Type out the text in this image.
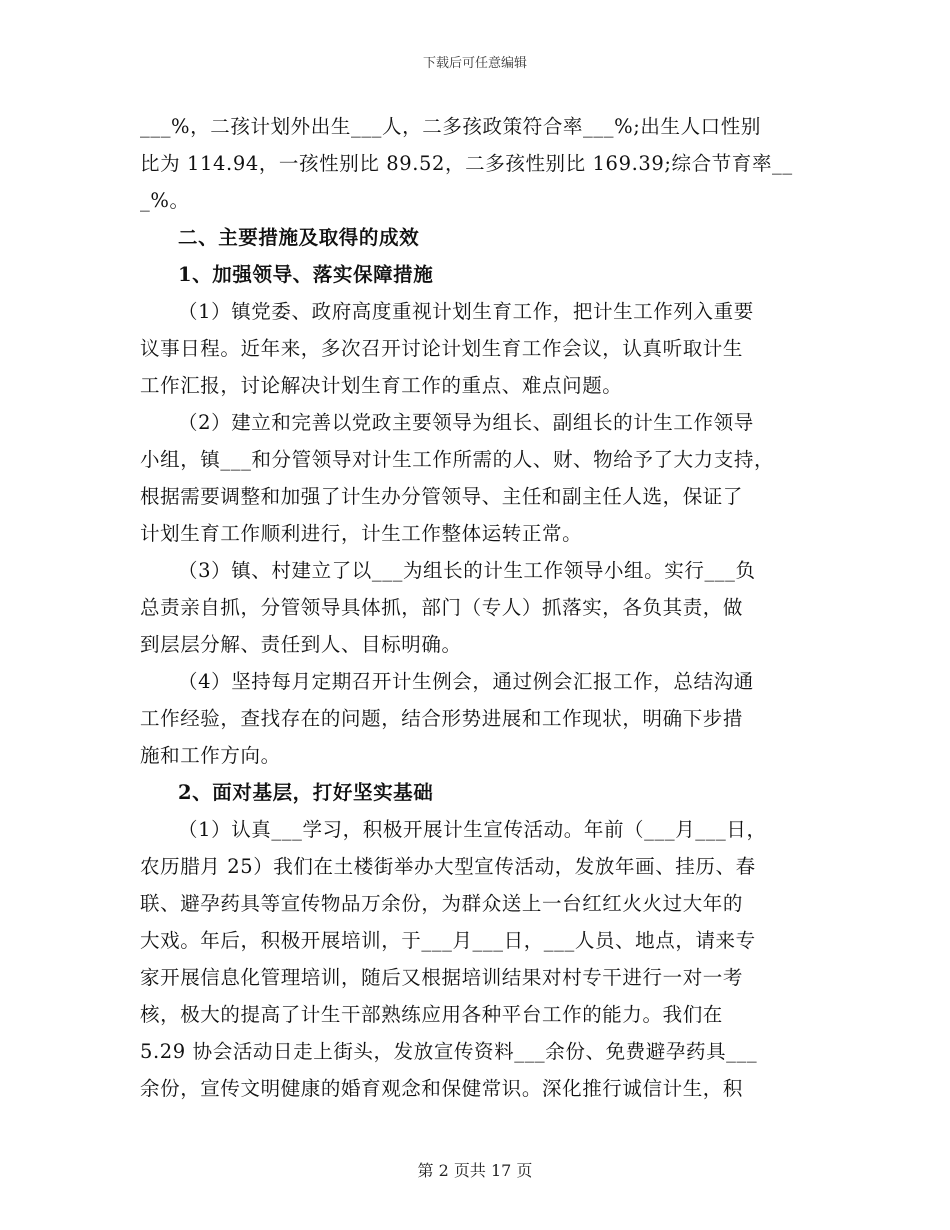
下载后可任意编辑
___%，二孩计划外出生___人，二多孩政策符合率___%;出生人口性别
比为 114.94，一孩性别比 89.52，二多孩性别比 169.39;综合节育率__
_%。
二、主要措施及取得的成效
1、加强领导、落实保障措施
（1）镇党委、政府高度重视计划生育工作，把计生工作列入重要
议事日程。近年来，多次召开讨论计划生育工作会议，认真听取计生
工作汇报，讨论解决计划生育工作的重点、难点问题。
（2）建立和完善以党政主要领导为组长、副组长的计生工作领导
小组，镇___和分管领导对计生工作所需的人、财、物给予了大力支持，
根据需要调整和加强了计生办分管领导、主任和副主任人选，保证了
计划生育工作顺利进行，计生工作整体运转正常。
（3）镇、村建立了以___为组长的计生工作领导小组。实行___负
总责亲自抓，分管领导具体抓，部门（专人）抓落实，各负其责，做
到层层分解、责任到人、目标明确。
（4）坚持每月定期召开计生例会，通过例会汇报工作，总结沟通
工作经验，查找存在的问题，结合形势进展和工作现状，明确下步措
施和工作方向。
2、面对基层，打好坚实基础
（1）认真___学习，积极开展计生宣传活动。年前（___月___日，
农历腊月 25）我们在土楼街举办大型宣传活动，发放年画、挂历、春
联、避孕药具等宣传物品万余份，为群众送上一台红红火火过大年的
大戏。年后，积极开展培训，于___月___日，___人员、地点，请来专
家开展信息化管理培训，随后又根据培训结果对村专干进行一对一考
核，极大的提高了计生干部熟练应用各种平台工作的能力。我们在
5.29 协会活动日走上街头，发放宣传资料___余份、免费避孕药具___
余份，宣传文明健康的婚育观念和保健常识。深化推行诚信计生，积
第 2 页共 17 页
